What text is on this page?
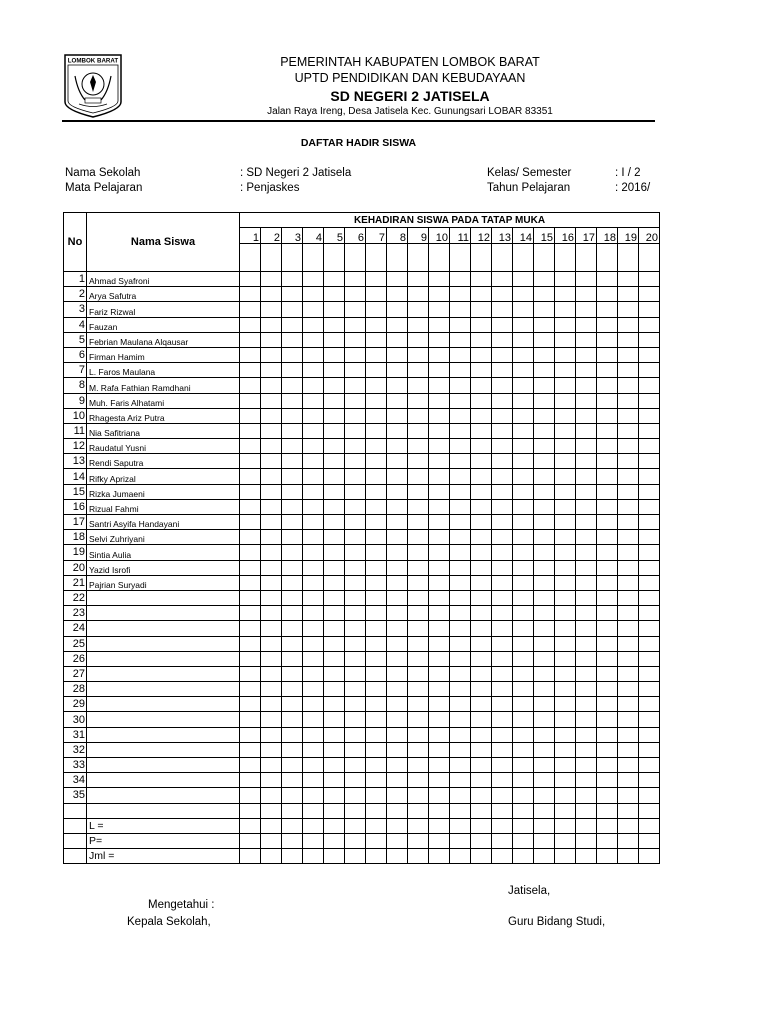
LOMBOK BARAT	PEMERINTAH KABUPATEN LOMBOK BARAT
UPTD PENDIDIKAN DAN KEBUDAYAAN
SD NEGERI 2 JATISELA
Jalan Raya Ireng, Desa Jatisela Kec. Gunungsari LOBAR 83351
DAFTAR HADIR SISWA
Nama Sekolah	: SD Negeri 2 Jatisela
Mata Pelajaran	: Penjaskes
Kelas/ Semester	: I / 2
Tahun Pelajaran	: 2016/
No	Nama Siswa	KEHADIRAN SISWA PADA TATAP MUKA																			
		1	2	3	4	5	6	7	8	9	10	11	12	13	14	15	16	17	18	19	20

1	Ahmad Syafroni																				
2	Arya Safutra																				
3	Fariz Rizwal																				
4	Fauzan																				
5	Febrian Maulana Alqausar																				
6	Firman Hamim																				
7	L. Faros Maulana																				
8	M. Rafa Fathian Ramdhani																				
9	Muh. Faris Alhatami																				
10	Rhagesta Ariz Putra																				
11	Nia Safitriana																				
12	Raudatul Yusni																				
13	Rendi Saputra																				
14	Rifky Aprizal																				
15	Rizka Jumaeni																				
16	Rizual Fahmi																				
17	Santri Asyifa Handayani																				
18	Selvi Zuhriyani																				
19	Sintia Aulia																				
20	Yazid Isrofi																				
21	Pajrian Suryadi																				
22																					
23																					
24																					
25																					
26																					
27																					
28																					
29																					
30																					
31																					
32																					
33																					
34																					
35																					

	L =																				
	P=																				
	Jml =																				
Jatisela,
Mengetahui :
Kepala Sekolah,	Guru Bidang Studi,
